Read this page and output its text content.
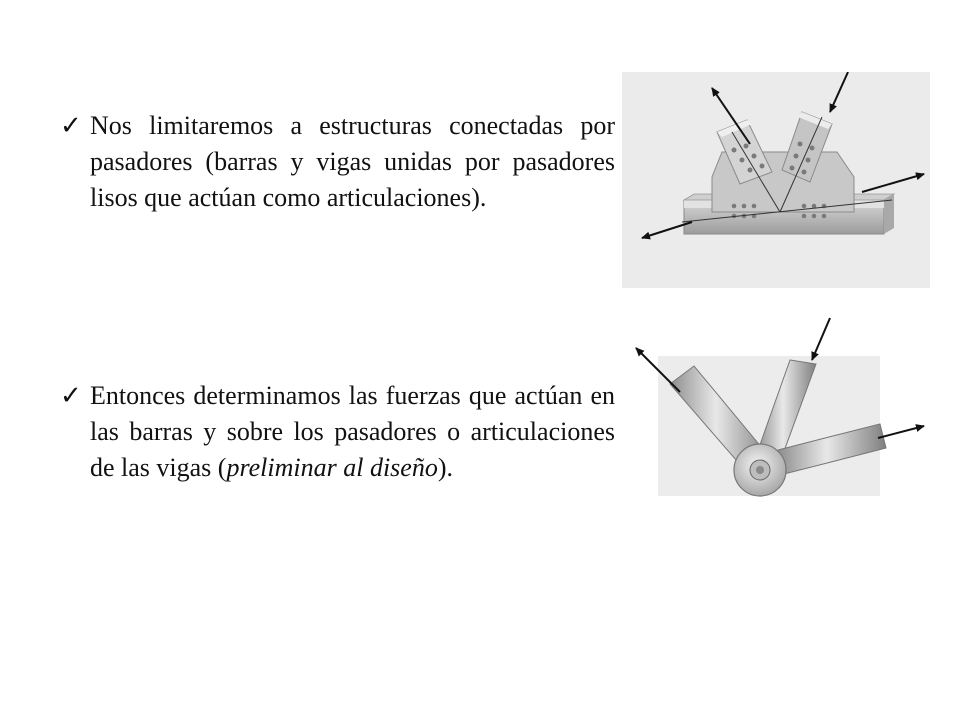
✓ Nos limitaremos a estructuras conectadas por pasadores (barras y vigas unidas por pasadores lisos que actúan como articulaciones).
✓ Entonces determinamos las fuerzas que actúan en las barras y sobre los pasadores o articulaciones de las vigas (preliminar al diseño).
